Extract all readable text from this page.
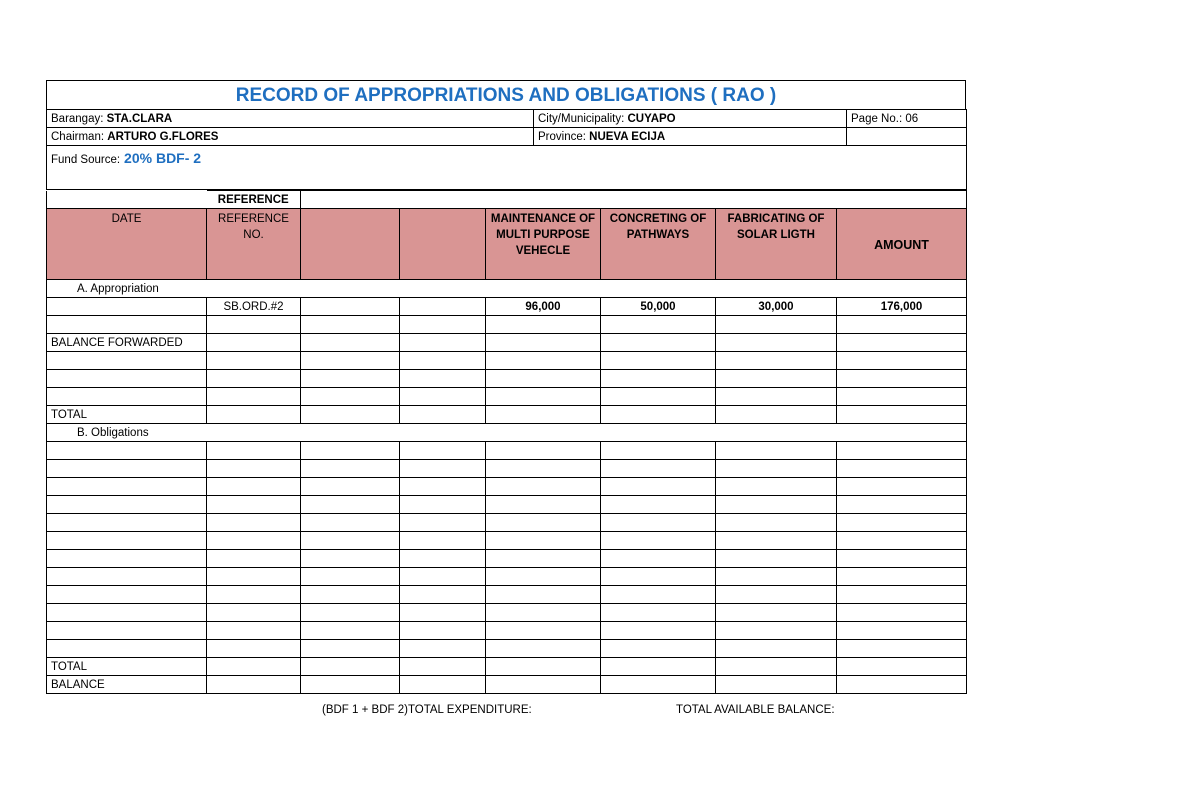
RECORD OF APPROPRIATIONS AND OBLIGATIONS ( RAO )
Barangay: STA.CLARA	City/Municipality: CUYAPO	Page No.: 06
Chairman: ARTURO G.FLORES	Province: NUEVA ECIJA	
Fund Source: 20% BDF- 2		
	REFERENCE						
DATE	REFERENCE NO.			MAINTENANCE OF MULTI PURPOSE VEHECLE	CONCRETING OF PATHWAYS	FABRICATING OF SOLAR LIGTH	AMOUNT
A. Appropriation							
	SB.ORD.#2			96,000	50,000	30,000	176,000

BALANCE FORWARDED							

TOTAL							
B. Obligations							

TOTAL							
BALANCE							
(BDF 1 + BDF 2)TOTAL EXPENDITURE:	TOTAL AVAILABLE BALANCE:
